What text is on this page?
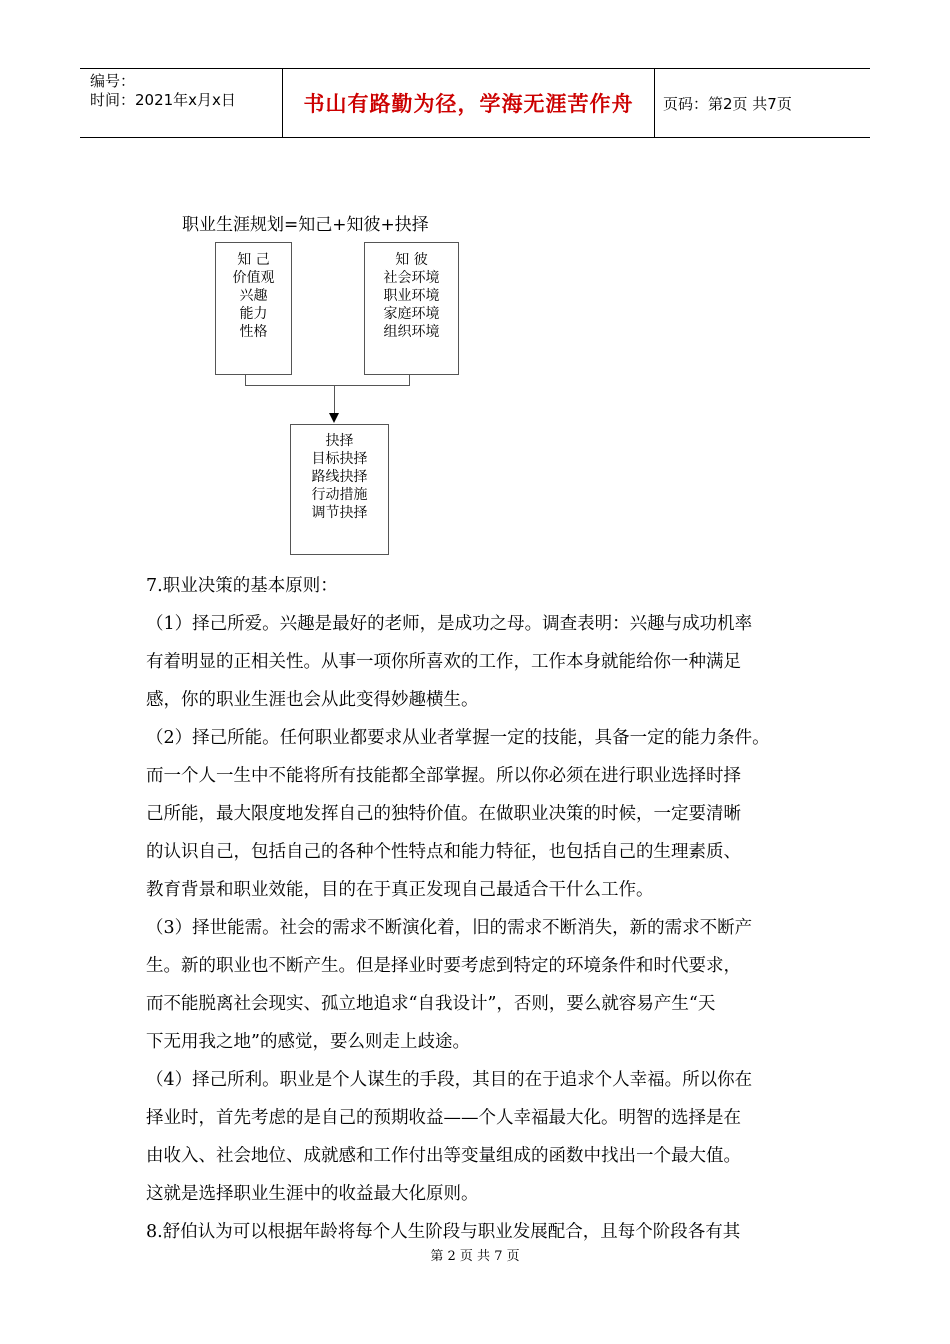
编号：
时间：2021年x月x日	书山有路勤为径，学海无涯苦作舟	页码：第2页 共7页
职业生涯规划=知己+知彼+抉择
知 己
价值观
兴趣
能力
性格
知 彼
社会环境
职业环境
家庭环境
组织环境
抉择
目标抉择
路线抉择
行动措施
调节抉择

7.职业决策的基本原则：

（1）择己所爱。兴趣是最好的老师，是成功之母。调查表明：兴趣与成功机率

有着明显的正相关性。从事一项你所喜欢的工作，工作本身就能给你一种满足

感，你的职业生涯也会从此变得妙趣横生。

（2）择己所能。任何职业都要求从业者掌握一定的技能，具备一定的能力条件。

而一个人一生中不能将所有技能都全部掌握。所以你必须在进行职业选择时择

己所能，最大限度地发挥自己的独特价值。在做职业决策的时候，一定要清晰

的认识自己，包括自己的各种个性特点和能力特征，也包括自己的生理素质、

教育背景和职业效能，目的在于真正发现自己最适合干什么工作。

（3）择世能需。社会的需求不断演化着，旧的需求不断消失，新的需求不断产

生。新的职业也不断产生。但是择业时要考虑到特定的环境条件和时代要求，

而不能脱离社会现实、孤立地追求“自我设计”，否则，要么就容易产生“天

下无用我之地”的感觉，要么则走上歧途。

（4）择己所利。职业是个人谋生的手段，其目的在于追求个人幸福。所以你在

择业时，首先考虑的是自己的预期收益——个人幸福最大化。明智的选择是在

由收入、社会地位、成就感和工作付出等变量组成的函数中找出一个最大值。

这就是选择职业生涯中的收益最大化原则。

8.舒伯认为可以根据年龄将每个人生阶段与职业发展配合，且每个阶段各有其

第 2 页 共 7 页
